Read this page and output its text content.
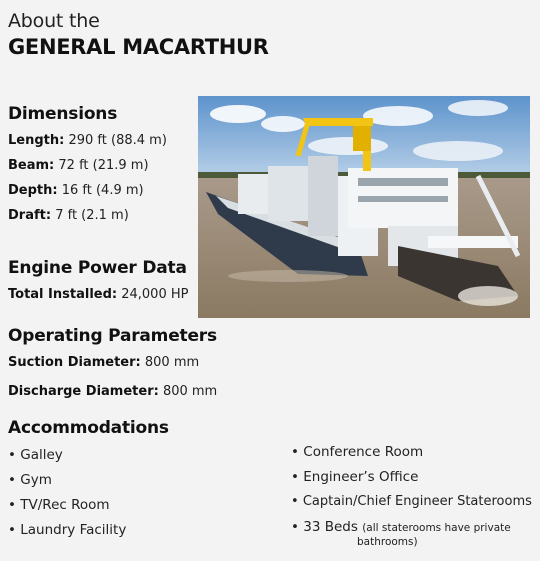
About the
GENERAL MACARTHUR
Dimensions
Length: 290 ft (88.4 m)
Beam: 72 ft (21.9 m)
Depth: 16 ft (4.9 m)
Draft: 7 ft (2.1 m)
Engine Power Data
Total Installed: 24,000 HP
Operating Parameters
Suction Diameter: 800 mm
Discharge Diameter: 800 mm
Accommodations
• Galley
• Gym
• TV/Rec Room
• Laundry Facility
• Conference Room
• Engineer’s Office
• Captain/Chief Engineer Staterooms
• 33 Beds (all staterooms have private
bathrooms)
